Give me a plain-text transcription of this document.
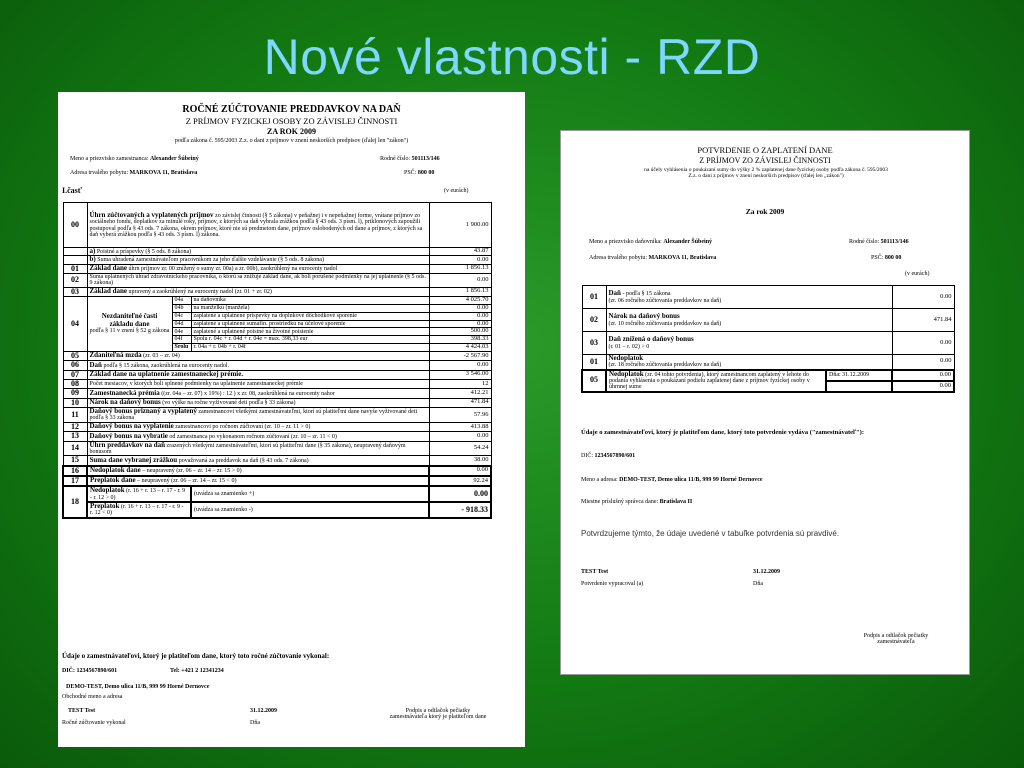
Nové vlastnosti - RZD
ROČNÉ ZÚČTOVANIE PREDDAVKOV NA DAŇ
Z PRÍJMOV FYZICKEJ OSOBY ZO ZÁVISLEJ ČINNOSTI
ZA ROK 2009
podľa zákona č. 595/2003 Z.z. o dani z príjmov v znení neskorších predpisov (ďalej len "zákon")
Meno a priezvisko zamestnanca: Alexander Šúbeiný	Rodné číslo: 501113/146
Adresa trvalého pobytu: MARKOVA 11, Bratislava	PSČ: 800 00
I.časť	(v eurách)
00	Úhrn zúčtovaných a vyplatených príjmov zo závislej činnosti (§ 5 zákona) v peňažnej i v nepeňažnej forme, vrátane príjmov zo sociálneho fondu, doplatkov za minulé roky, príjmov, z ktorých sa daň vybrala zrážkou podľa § 43 ods. 3 písm. l), priklonových zapoužili postupoval podľa § 43 ods. 7 zákona, okrem príjmov, ktoré nie sú predmetom dane, príjmov oslobodených od dane a príjmov, z ktorých sa daň vyberá zrážkou podľa § 43 ods. 3 písm. l) zákona.			1 900.00
	a) Poistné a príspevky (§ 5 ods. 8 zákona)			43.87
	b) Suma uhradená zamestnávateľom pracovníkom za jeho ďalšie vzdelávanie (§ 5 ods. 8 zákona)			0.00
01	Základ dane úhrn príjmov zr. 00 znížený o sumy zr. 00a) a zr. 00b), zaokrúhlený na eurocenty nadol			1 856.13
02	Suma uplatnených úhrad zdravotníckeho pracovníka, o ktorú sa znižuje základ dane, ak boli porušené podmienky na jej uplatnenie (§ 5 ods. 9 zákona)			0.00
03	Základ dane upravený a zaokrúhlený na eurocenty nadol (zr. 01 + zr. 02)			1 856.13
04	Nezdaniteľné časti základu dane
podľa § 11 v znení § 52 g zákona	04a	na daňovníka	4 025.70
		04b	na manželku (manžela)	0.00
		04c	zaplatené a uplatnené príspevky na doplnkové dôchodkové sporenie	0.00
		04d	zaplatené a uplatnené sumafin. prostriedku na účelové sporenie	0.00
		04e	zaplatené a uplatnené poistné na životné poistenie	500.00
		04f	Spolu r. 04c + r. 04d + r. 04e = max. 398,33 eur	398.33
		Srolu	r. 04a + r. 04b + r. 04f	4 424.03
05	Zdaniteľná mzda (zr. 03 – zr. 04)			-2 567.90
06	Daň podľa § 15 zákona, zaokrúhlená na eurocenty nadol.			0.00
07	Základ dane na uplatnenie zamestnaneckej prémie.			3 546.00
08	Počet mesiacov, v ktorých boli splnené podmienky na uplatnenie zamestnaneckej prémie			12
09	Zamestnanecká prémia ((zr. 04a – zr. 07) x 19%) : 12 ) x zr. 08, zaokrúhlená na eurocenty nahor			412.21
10	Nárok na daňový bonus (vo výške na ročne vyživované deti podľa § 33 zákona)			471.84
11	Daňový bonus priznaný a vyplatený zamestnancovi všetkými zamestnávateľmi, ktorí sú platiteľmi dane navyše vyživované deti podľa § 33 zákona			57.96
12	Daňový bonus na vyplatenie zamestnancovi po ročnom zúčtovaní (zr. 10 – zr. 11 > 0)			413.88
13	Daňový bonus na vybratie od zamestnanca po vykonanom ročnom zúčtovaní (zr. 10 – zr. 11 < 0)			0.00
14	Úhrn preddavkov na daň zrazených všetkými zamestnávateľmi, ktorí sú platiteľmi dane (§ 35 zákona), neupravený daňovým bonusom			54.24
15	Suma dane vybranej zrážkou považovaná za preddavok na daň (§ 43 ods. 7 zákona)			38.00
16	Nedoplatok dane – neupravený (zr. 06 – zr. 14 – zr. 15 > 0)			0.00
17	Preplatok dane – neupravený (zr. 06 – zr. 14 – zr. 15 < 0)			92.24
18	Nedoplatok (r. 16 + r. 13 – r. 17 - r. 9 - r. 12 > 0)		(uvádza sa znamienko +)	0.00
	Preplatok (r. 16 + r. 13 – r. 17 - r. 9 - r. 12 < 0)		(uvádza sa znamienko -)	- 918.33
Údaje o zamestnávateľovi, ktorý je platiteľom dane, ktorý toto ročné zúčtovanie vykonal:
DIČ: 1234567890/601	Tel: +421 2 12341234
DEMO-TEST, Demo ulica 11/B, 999 99 Horné Dernovce
Obchodné meno a adresa
TEST Test
Ročné zúčtovanie vykonal
31.12.2009
Dňa
Podpis a odtlačok pečiatky zamestnávateľa ktorý je platiteľom dane
POTVRDENIE O ZAPLATENÍ DANE
Z PRÍJMOV ZO ZÁVISLEJ ČINNOSTI
na účely vyhlásenia o poukázaní sumy do výšky 2 % zaplatenej dane fyzickej osoby podľa zákona č. 595/2003 Z.z. o dani z príjmov v znení neskorších predpisov (ďalej len „zákon")
Za rok 2009
Meno a priezvisko daňovníka: Alexander Šúbeiný	Rodné číslo: 501113/146
Adresa trvalého pobytu: MARKOVA 11, Bratislava	PSČ: 800 00
(v eurách)
01	Daň - podľa § 15 zákona
(zr. 06 ročného zúčtovania preddavkov na daň)		0.00
02	Nárok na daňový bonus
(zr. 10 ročného zúčtovania preddavkov na daň)		471.84
03	Daň znížená o daňový bonus
(r. 01 – r. 02) > 0		0.00
01	Nedoplatok
(zr. 18 ročného zúčtovania preddavkov na daň)		0.00
05	Nedoplatok (zr. 04 tohto potvrdenia), ktorý zamestnancom zaplatený v lehote do podania vyhlásenia o poukázaní podielu zaplatenej dane z príjmov fyzickej osoby v úhrnnej sume	Dňa: 31.12.2009	0.00
			0.00
Údaje o zamestnávateľovi, ktorý je platiteľom dane, ktorý toto potvrdenie vydáva ("zamestnávateľ"):
DIČ: 1234567890/601
Meno a adresa: DEMO-TEST, Demo ulica 11/B, 999 99 Horné Dernovce
Miestne príslušný správca dane: Bratislava II
Potvrdzujeme týmto, že údaje uvedené v tabuľke potvrdenia sú pravdivé.
TEST Test
Potvrdenie vypracoval (a)
31.12.2009
Dňa
Podpis a odtlačok pečiatky zamestnávateľa
